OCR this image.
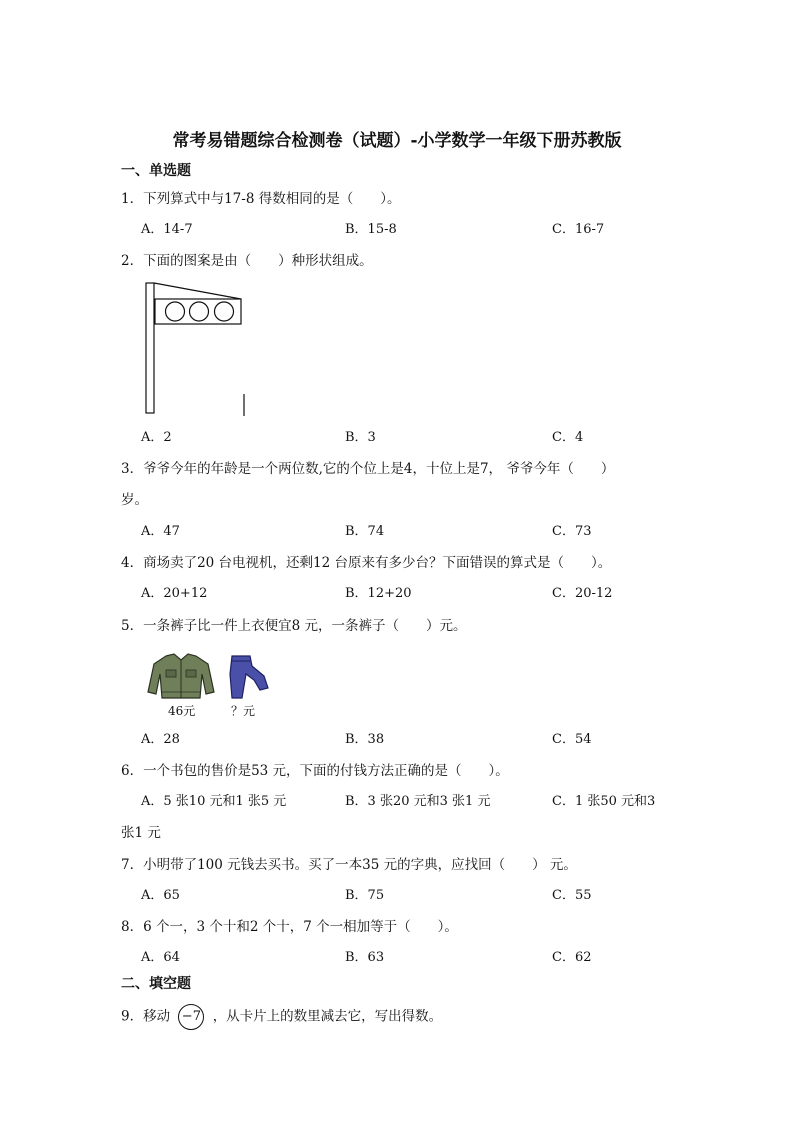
常考易错题综合检测卷（试题）-小学数学一年级下册苏教版
一、单选题
1．下列算式中与17-8 得数相同的是（　　）。
A．14-7	B．15-8	C．16-7
2．下面的图案是由（　　）种形状组成。
A．2	B．3	C．4
3．爷爷今年的年龄是一个两位数,它的个位上是4，十位上是7， 爷爷今年（　　）
岁。
A．47	B．74	C．73
4．商场卖了20 台电视机，还剩12 台原来有多少台？下面错误的算式是（　　）。
A．20+12	B．12+20	C．20-12
5．一条裤子比一件上衣便宜8 元，一条裤子（　　）元。
46元	？元
A．28	B．38	C．54
6．一个书包的售价是53 元，下面的付钱方法正确的是（　　）。
A．5 张10 元和1 张5 元	B．3 张20 元和3 张1 元	C．1 张50 元和3
张1 元
7．小明带了100 元钱去买书。买了一本35 元的字典，应找回（　　） 元。
A．65	B．75	C．55
8．6 个一，3 个十和2 个十，7 个一相加等于（　　）。
A．64	B．63	C．62
二、填空题
9．移动 −7 ，从卡片上的数里减去它，写出得数。
